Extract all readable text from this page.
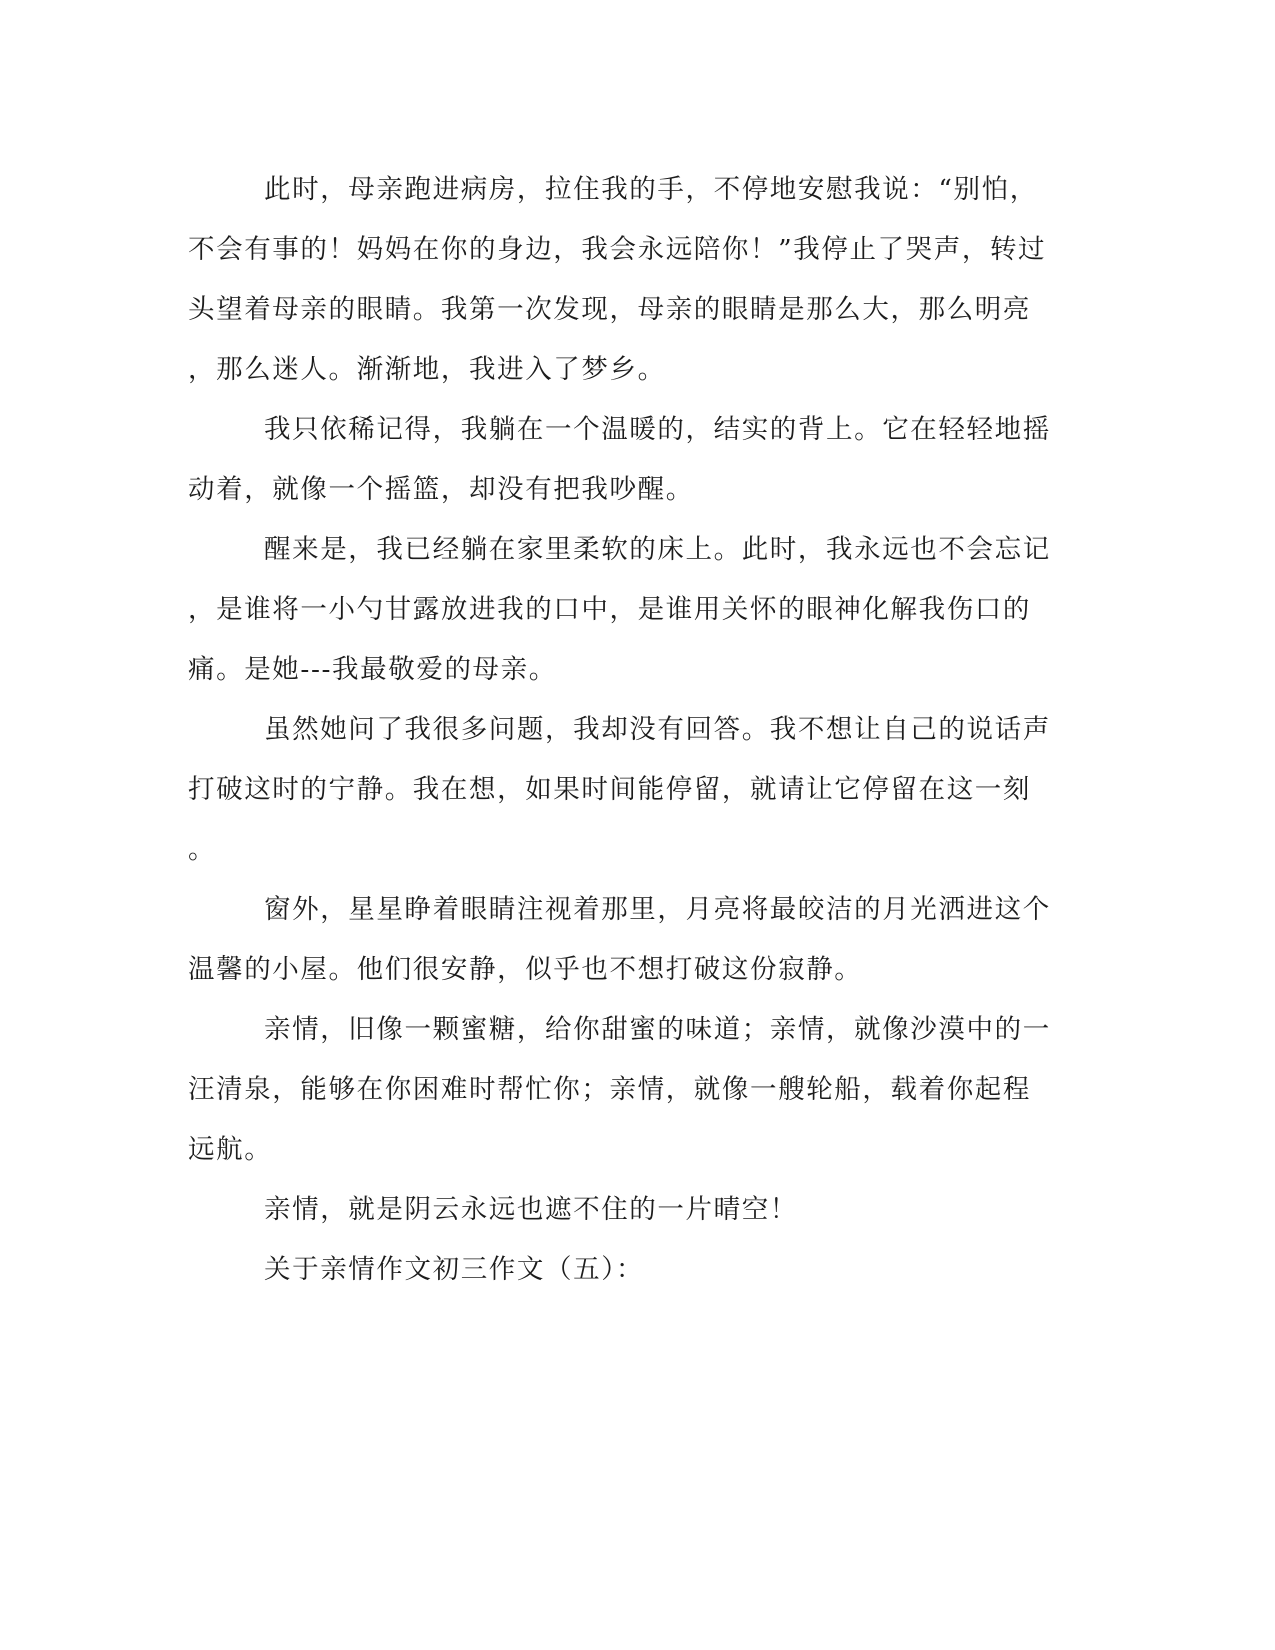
此时，母亲跑进病房，拉住我的手，不停地安慰我说：“别怕，

不会有事的！妈妈在你的身边，我会永远陪你！”我停止了哭声，转过

头望着母亲的眼睛。我第一次发现，母亲的眼睛是那么大，那么明亮

，那么迷人。渐渐地，我进入了梦乡。

我只依稀记得，我躺在一个温暖的，结实的背上。它在轻轻地摇

动着，就像一个摇篮，却没有把我吵醒。

醒来是，我已经躺在家里柔软的床上。此时，我永远也不会忘记

，是谁将一小勺甘露放进我的口中，是谁用关怀的眼神化解我伤口的

痛。是她---我最敬爱的母亲。

虽然她问了我很多问题，我却没有回答。我不想让自己的说话声

打破这时的宁静。我在想，如果时间能停留，就请让它停留在这一刻

。

窗外，星星睁着眼睛注视着那里，月亮将最皎洁的月光洒进这个

温馨的小屋。他们很安静，似乎也不想打破这份寂静。

亲情，旧像一颗蜜糖，给你甜蜜的味道；亲情，就像沙漠中的一

汪清泉，能够在你困难时帮忙你；亲情，就像一艘轮船，载着你起程

远航。

亲情，就是阴云永远也遮不住的一片晴空！

关于亲情作文初三作文（五）：
